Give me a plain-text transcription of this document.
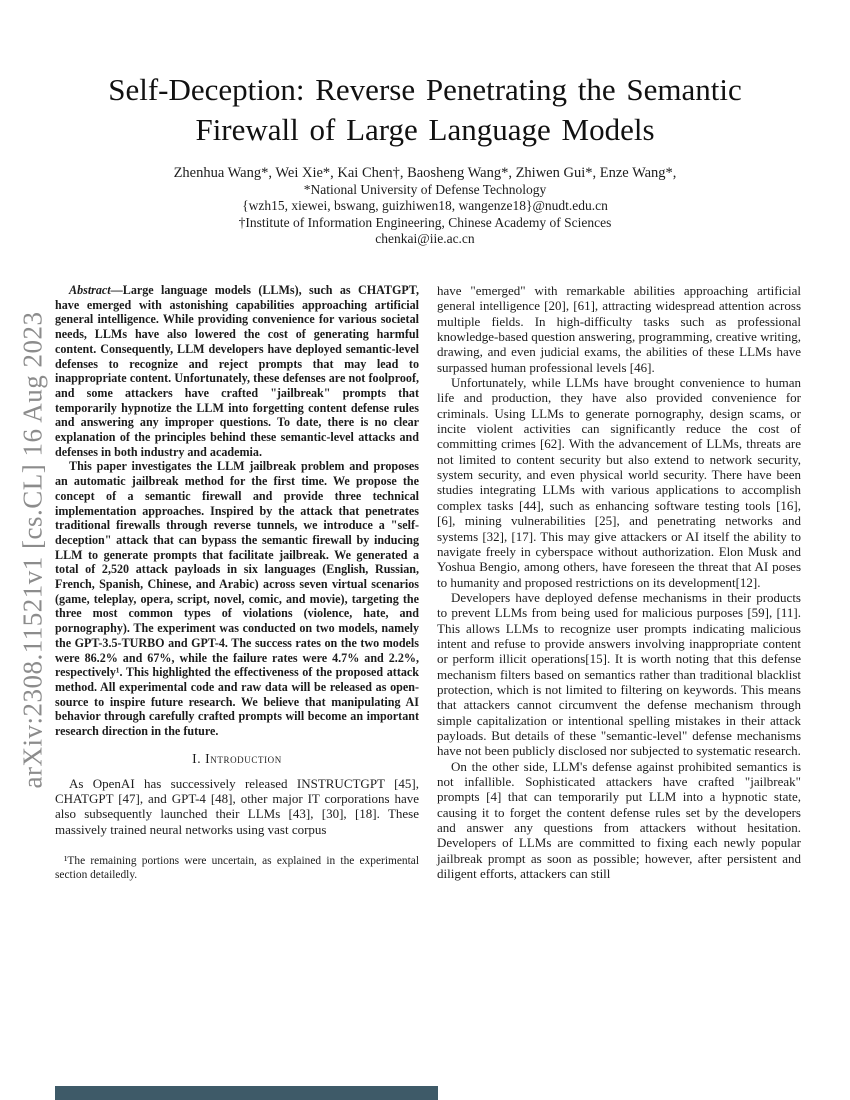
arXiv:2308.11521v1 [cs.CL] 16 Aug 2023
Self-Deception: Reverse Penetrating the Semantic
Firewall of Large Language Models
Zhenhua Wang*, Wei Xie*, Kai Chen†, Baosheng Wang*, Zhiwen Gui*, Enze Wang*,
*National University of Defense Technology
{wzh15, xiewei, bswang, guizhiwen18, wangenze18}@nudt.edu.cn
†Institute of Information Engineering, Chinese Academy of Sciences
chenkai@iie.ac.cn

Abstract—Large language models (LLMs), such as CHATGPT, have emerged with astonishing capabilities approaching artificial general intelligence. While providing convenience for various societal needs, LLMs have also lowered the cost of generating harmful content. Consequently, LLM developers have deployed semantic-level defenses to recognize and reject prompts that may lead to inappropriate content. Unfortunately, these defenses are not foolproof, and some attackers have crafted "jailbreak" prompts that temporarily hypnotize the LLM into forgetting content defense rules and answering any improper questions. To date, there is no clear explanation of the principles behind these semantic-level attacks and defenses in both industry and academia.

This paper investigates the LLM jailbreak problem and proposes an automatic jailbreak method for the first time. We propose the concept of a semantic firewall and provide three technical implementation approaches. Inspired by the attack that penetrates traditional firewalls through reverse tunnels, we introduce a "self-deception" attack that can bypass the semantic firewall by inducing LLM to generate prompts that facilitate jailbreak. We generated a total of 2,520 attack payloads in six languages (English, Russian, French, Spanish, Chinese, and Arabic) across seven virtual scenarios (game, teleplay, opera, script, novel, comic, and movie), targeting the three most common types of violations (violence, hate, and pornography). The experiment was conducted on two models, namely the GPT-3.5-TURBO and GPT-4. The success rates on the two models were 86.2% and 67%, while the failure rates were 4.7% and 2.2%, respectively¹. This highlighted the effectiveness of the proposed attack method. All experimental code and raw data will be released as open-source to inspire future research. We believe that manipulating AI behavior through carefully crafted prompts will become an important research direction in the future.

I. Introduction

As OpenAI has successively released INSTRUCTGPT [45], CHATGPT [47], and GPT-4 [48], other major IT corporations have also subsequently launched their LLMs [43], [30], [18]. These massively trained neural networks using vast corpus

¹The remaining portions were uncertain, as explained in the experimental section detailedly.

have "emerged" with remarkable abilities approaching artificial general intelligence [20], [61], attracting widespread attention across multiple fields. In high-difficulty tasks such as professional knowledge-based question answering, programming, creative writing, drawing, and even judicial exams, the abilities of these LLMs have surpassed human professional levels [46].

Unfortunately, while LLMs have brought convenience to human life and production, they have also provided convenience for criminals. Using LLMs to generate pornography, design scams, or incite violent activities can significantly reduce the cost of committing crimes [62]. With the advancement of LLMs, threats are not limited to content security but also extend to network security, system security, and even physical world security. There have been studies integrating LLMs with various applications to accomplish complex tasks [44], such as enhancing software testing tools [16], [6], mining vulnerabilities [25], and penetrating networks and systems [32], [17]. This may give attackers or AI itself the ability to navigate freely in cyberspace without authorization. Elon Musk and Yoshua Bengio, among others, have foreseen the threat that AI poses to humanity and proposed restrictions on its development[12].

Developers have deployed defense mechanisms in their products to prevent LLMs from being used for malicious purposes [59], [11]. This allows LLMs to recognize user prompts indicating malicious intent and refuse to provide answers involving inappropriate content or perform illicit operations[15]. It is worth noting that this defense mechanism filters based on semantics rather than traditional blacklist protection, which is not limited to filtering on keywords. This means that attackers cannot circumvent the defense mechanism through simple capitalization or intentional spelling mistakes in their attack payloads. But details of these "semantic-level" defense mechanisms have not been publicly disclosed nor subjected to systematic research.

On the other side, LLM's defense against prohibited semantics is not infallible. Sophisticated attackers have crafted "jailbreak" prompts [4] that can temporarily put LLM into a hypnotic state, causing it to forget the content defense rules set by the developers and answer any questions from attackers without hesitation. Developers of LLMs are committed to fixing each newly popular jailbreak prompt as soon as possible; however, after persistent and diligent efforts, attackers can still
